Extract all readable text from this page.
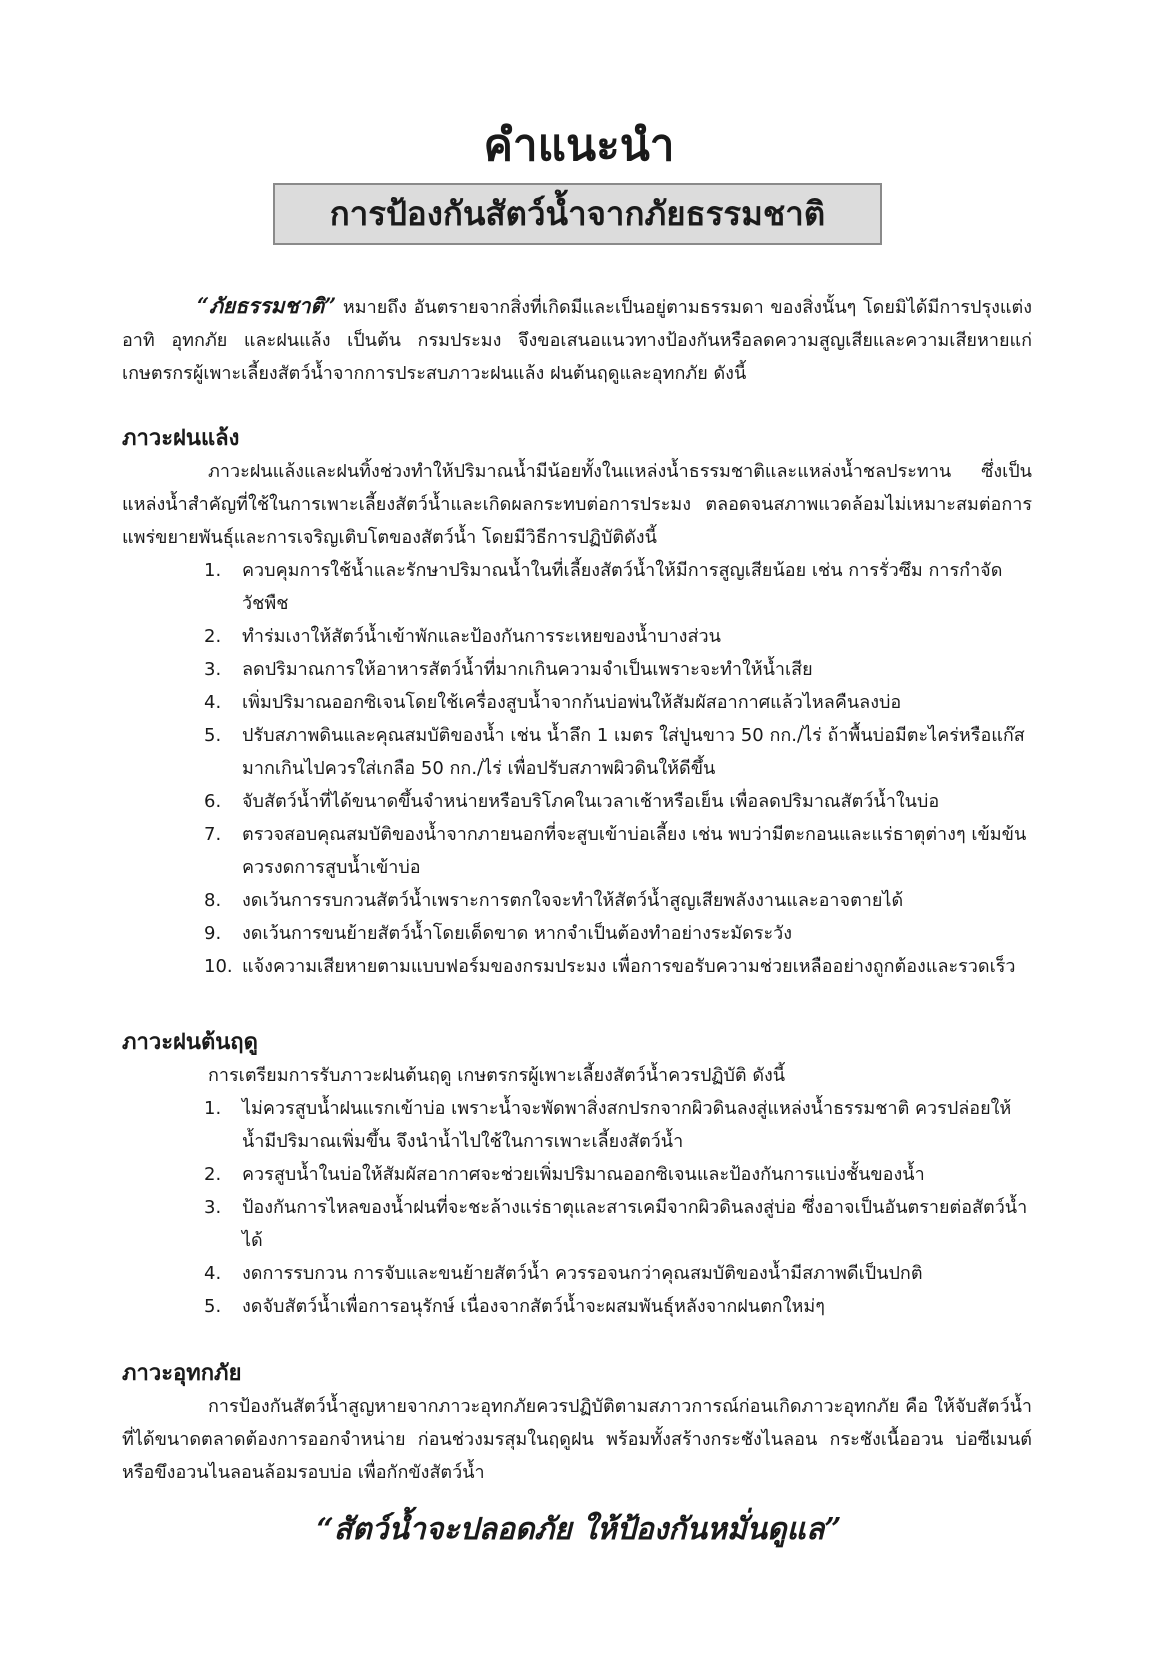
คำแนะนำ
การป้องกันสัตว์น้ำจากภัยธรรมชาติ
“ภัยธรรมชาติ” หมายถึง อันตรายจากสิ่งที่เกิดมีและเป็นอยู่ตามธรรมดา ของสิ่งนั้นๆ โดยมิได้มีการปรุงแต่ง อาทิ อุทกภัย และฝนแล้ง เป็นต้น กรมประมง จึงขอเสนอแนวทางป้องกันหรือลดความสูญเสียและความเสียหายแก่เกษตรกรผู้เพาะเลี้ยงสัตว์น้ำจากการประสบภาวะฝนแล้ง ฝนต้นฤดูและอุทกภัย ดังนี้
ภาวะฝนแล้ง
ภาวะฝนแล้งและฝนทิ้งช่วงทำให้ปริมาณน้ำมีน้อยทั้งในแหล่งน้ำธรรมชาติและแหล่งน้ำชลประทาน ซึ่งเป็นแหล่งน้ำสำคัญที่ใช้ในการเพาะเลี้ยงสัตว์น้ำและเกิดผลกระทบต่อการประมง ตลอดจนสภาพแวดล้อมไม่เหมาะสมต่อการแพร่ขยายพันธุ์และการเจริญเติบโตของสัตว์น้ำ โดยมีวิธีการปฏิบัติดังนี้
1.	ควบคุมการใช้น้ำและรักษาปริมาณน้ำในที่เลี้ยงสัตว์น้ำให้มีการสูญเสียน้อย เช่น การรั่วซึม การกำจัดวัชพืช
2.	ทำร่มเงาให้สัตว์น้ำเข้าพักและป้องกันการระเหยของน้ำบางส่วน
3.	ลดปริมาณการให้อาหารสัตว์น้ำที่มากเกินความจำเป็นเพราะจะทำให้น้ำเสีย
4.	เพิ่มปริมาณออกซิเจนโดยใช้เครื่องสูบน้ำจากก้นบ่อพ่นให้สัมผัสอากาศแล้วไหลคืนลงบ่อ
5.	ปรับสภาพดินและคุณสมบัติของน้ำ เช่น น้ำลึก 1 เมตร ใส่ปูนขาว 50 กก./ไร่ ถ้าพื้นบ่อมีตะไคร่หรือแก๊สมากเกินไปควรใส่เกลือ 50 กก./ไร่ เพื่อปรับสภาพผิวดินให้ดีขึ้น
6.	จับสัตว์น้ำที่ได้ขนาดขึ้นจำหน่ายหรือบริโภคในเวลาเช้าหรือเย็น เพื่อลดปริมาณสัตว์น้ำในบ่อ
7.	ตรวจสอบคุณสมบัติของน้ำจากภายนอกที่จะสูบเข้าบ่อเลี้ยง เช่น พบว่ามีตะกอนและแร่ธาตุต่างๆ เข้มข้น ควรงดการสูบน้ำเข้าบ่อ
8.	งดเว้นการรบกวนสัตว์น้ำเพราะการตกใจจะทำให้สัตว์น้ำสูญเสียพลังงานและอาจตายได้
9.	งดเว้นการขนย้ายสัตว์น้ำโดยเด็ดขาด หากจำเป็นต้องทำอย่างระมัดระวัง
10. แจ้งความเสียหายตามแบบฟอร์มของกรมประมง เพื่อการขอรับความช่วยเหลืออย่างถูกต้องและรวดเร็ว
ภาวะฝนต้นฤดู
การเตรียมการรับภาวะฝนต้นฤดู เกษตรกรผู้เพาะเลี้ยงสัตว์น้ำควรปฏิบัติ ดังนี้
1.	ไม่ควรสูบน้ำฝนแรกเข้าบ่อ เพราะน้ำจะพัดพาสิ่งสกปรกจากผิวดินลงสู่แหล่งน้ำธรรมชาติ ควรปล่อยให้น้ำมีปริมาณเพิ่มขึ้น จึงนำน้ำไปใช้ในการเพาะเลี้ยงสัตว์น้ำ
2.	ควรสูบน้ำในบ่อให้สัมผัสอากาศจะช่วยเพิ่มปริมาณออกซิเจนและป้องกันการแบ่งชั้นของน้ำ
3.	ป้องกันการไหลของน้ำฝนที่จะชะล้างแร่ธาตุและสารเคมีจากผิวดินลงสู่บ่อ ซึ่งอาจเป็นอันตรายต่อสัตว์น้ำได้
4.	งดการรบกวน การจับและขนย้ายสัตว์น้ำ ควรรอจนกว่าคุณสมบัติของน้ำมีสภาพดีเป็นปกติ
5.	งดจับสัตว์น้ำเพื่อการอนุรักษ์ เนื่องจากสัตว์น้ำจะผสมพันธุ์หลังจากฝนตกใหม่ๆ
ภาวะอุทกภัย
การป้องกันสัตว์น้ำสูญหายจากภาวะอุทกภัยควรปฏิบัติตามสภาวการณ์ก่อนเกิดภาวะอุทกภัย คือ ให้จับสัตว์น้ำที่ได้ขนาดตลาดต้องการออกจำหน่าย ก่อนช่วงมรสุมในฤดูฝน พร้อมทั้งสร้างกระชังไนลอน กระชังเนื้ออวน บ่อซีเมนต์ หรือขึงอวนไนลอนล้อมรอบบ่อ เพื่อกักขังสัตว์น้ำ
“สัตว์น้ำจะปลอดภัย ให้ป้องกันหมั่นดูแล”
